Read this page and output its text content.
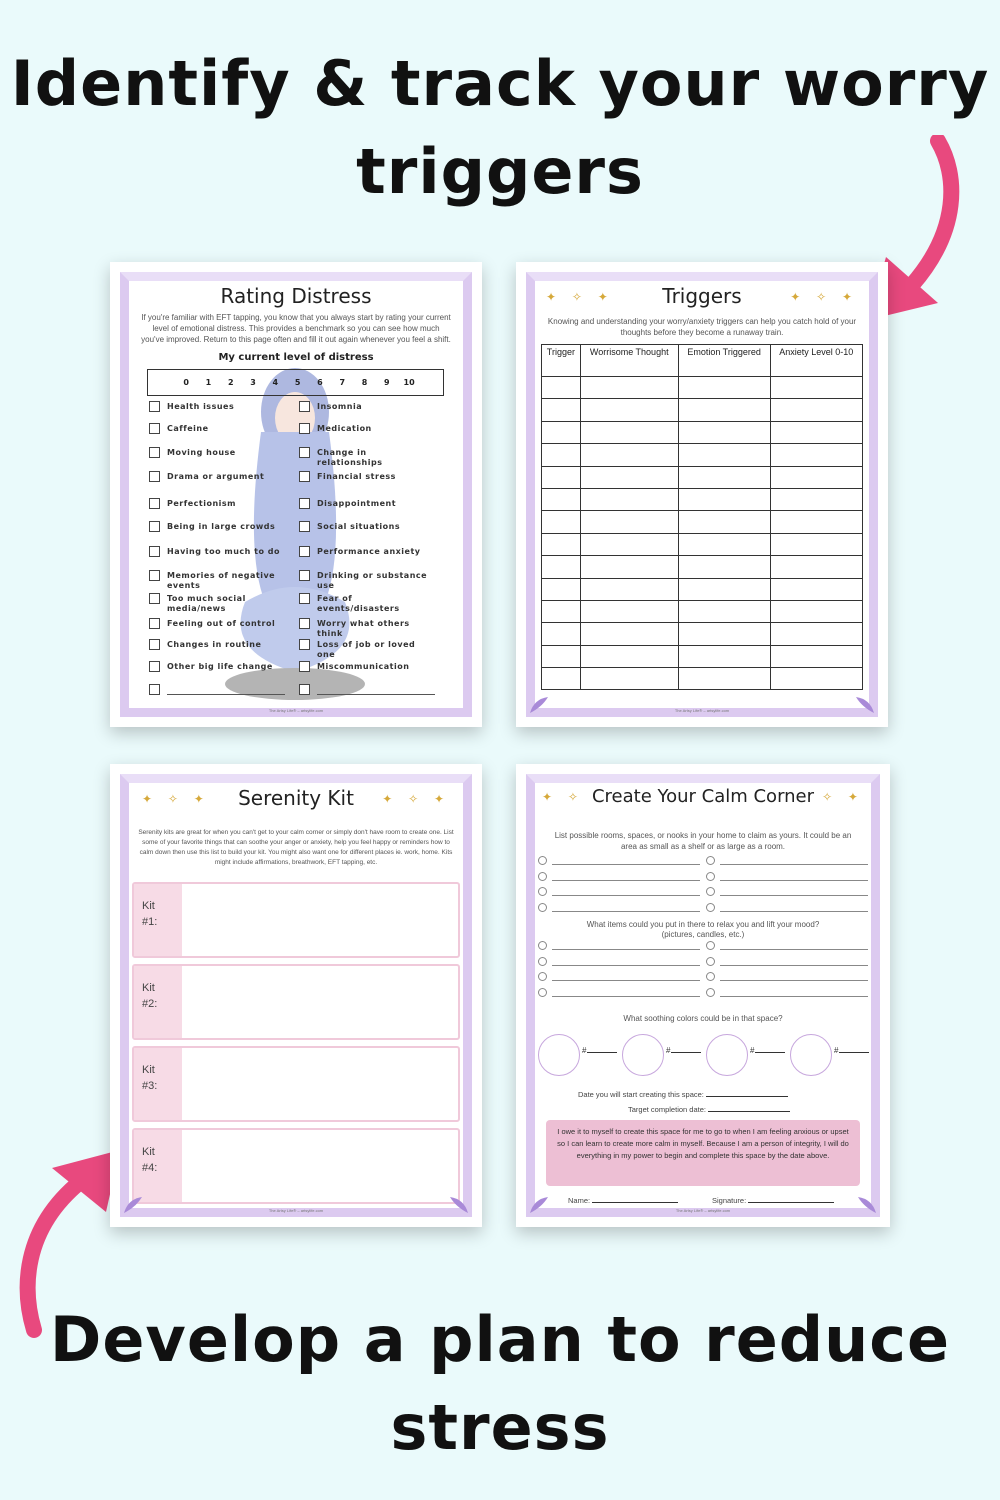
Identify & track your worry triggers
Develop a plan to reduce stress
Rating Distress
If you're familiar with EFT tapping, you know that you always start by rating your current level of emotional distress. This provides a benchmark so you can see how much you've improved. Return to this page often and fill it out again whenever you feel a shift.
My current level of distress
0	1	2	3	4	5	6	7	8	9	10
Health issues
Caffeine
Moving house
Drama or argument
Perfectionism
Being in large crowds
Having too much to do
Memories of negative events
Too much social media/news
Feeling out of control
Changes in routine
Other big life change
Insomnia
Medication
Change in relationships
Financial stress
Disappointment
Social situations
Performance anxiety
Drinking or substance use
Fear of events/disasters
Worry what others think
Loss of job or loved one
Miscommunication
The Artsy Life® – artsylife.com
✦ ✧ ✦	✦ ✧ ✦
Triggers
Knowing and understanding your worry/anxiety triggers can help you catch hold of your thoughts before they become a runaway train.
Trigger	Worrisome Thought	Emotion Triggered	Anxiety Level 0-10

The Artsy Life® – artsylife.com
✦ ✧ ✦	✦ ✧ ✦
Serenity Kit
Serenity kits are great for when you can't get to your calm corner or simply don't have room to create one. List some of your favorite things that can soothe your anger or anxiety, help you feel happy or reminders how to calm down then use this list to build your kit. You might also want one for different places ie. work, home. Kits might include affirmations, breathwork, EFT tapping, etc.
Kit
#1:
Kit
#2:
Kit
#3:
Kit
#4:
The Artsy Life® – artsylife.com
✦ ✧	✧ ✦
Create Your Calm Corner
List possible rooms, spaces, or nooks in your home to claim as yours. It could be an area as small as a shelf or as large as a room.
What items could you put in there to relax you and lift your mood? (pictures, candles, etc.)
What soothing colors could be in that space?
#	#	#	#
Date you will start creating this space:
Target completion date:
I owe it to myself to create this space for me to go to when I am feeling anxious or upset so I can learn to create more calm in myself. Because I am a person of integrity, I will do everything in my power to begin and complete this space by the date above.
Name:	Signature:
The Artsy Life® – artsylife.com
